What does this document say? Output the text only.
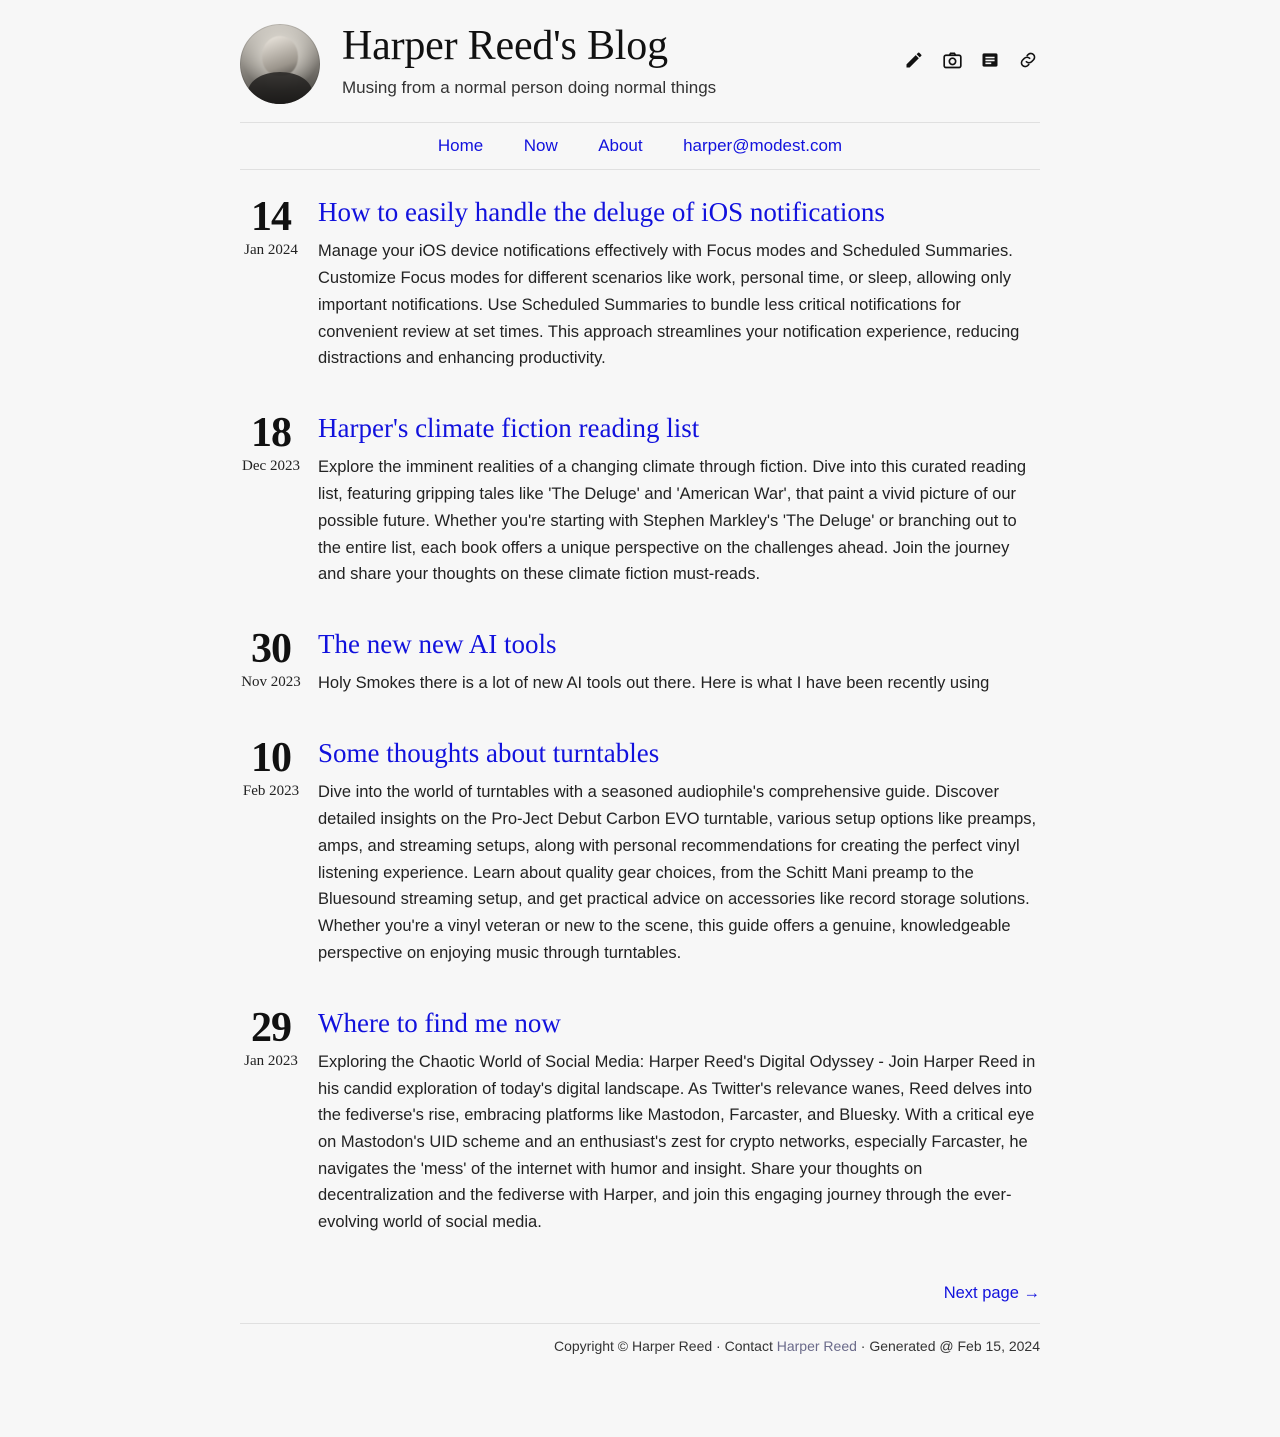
Harper Reed's Blog
Musing from a normal person doing normal things
Home Now About harper@modest.com
14
Jan 2024
How to easily handle the deluge of iOS notifications

Manage your iOS device notifications effectively with Focus modes and Scheduled Summaries. Customize Focus modes for different scenarios like work, personal time, or sleep, allowing only important notifications. Use Scheduled Summaries to bundle less critical notifications for convenient review at set times. This approach streamlines your notification experience, reducing distractions and enhancing productivity.

18
Dec 2023
Harper's climate fiction reading list

Explore the imminent realities of a changing climate through fiction. Dive into this curated reading list, featuring gripping tales like 'The Deluge' and 'American War', that paint a vivid picture of our possible future. Whether you're starting with Stephen Markley's 'The Deluge' or branching out to the entire list, each book offers a unique perspective on the challenges ahead. Join the journey and share your thoughts on these climate fiction must-reads.

30
Nov 2023
The new new AI tools

Holy Smokes there is a lot of new AI tools out there. Here is what I have been recently using

10
Feb 2023
Some thoughts about turntables

Dive into the world of turntables with a seasoned audiophile's comprehensive guide. Discover detailed insights on the Pro-Ject Debut Carbon EVO turntable, various setup options like preamps, amps, and streaming setups, along with personal recommendations for creating the perfect vinyl listening experience. Learn about quality gear choices, from the Schitt Mani preamp to the Bluesound streaming setup, and get practical advice on accessories like record storage solutions. Whether you're a vinyl veteran or new to the scene, this guide offers a genuine, knowledgeable perspective on enjoying music through turntables.

29
Jan 2023
Where to find me now

Exploring the Chaotic World of Social Media: Harper Reed's Digital Odyssey - Join Harper Reed in his candid exploration of today's digital landscape. As Twitter's relevance wanes, Reed delves into the fediverse's rise, embracing platforms like Mastodon, Farcaster, and Bluesky. With a critical eye on Mastodon's UID scheme and an enthusiast's zest for crypto networks, especially Farcaster, he navigates the 'mess' of the internet with humor and insight. Share your thoughts on decentralization and the fediverse with Harper, and join this engaging journey through the ever-evolving world of social media.

Next page →
Copyright © Harper Reed · Contact Harper Reed · Generated @ Feb 15, 2024
